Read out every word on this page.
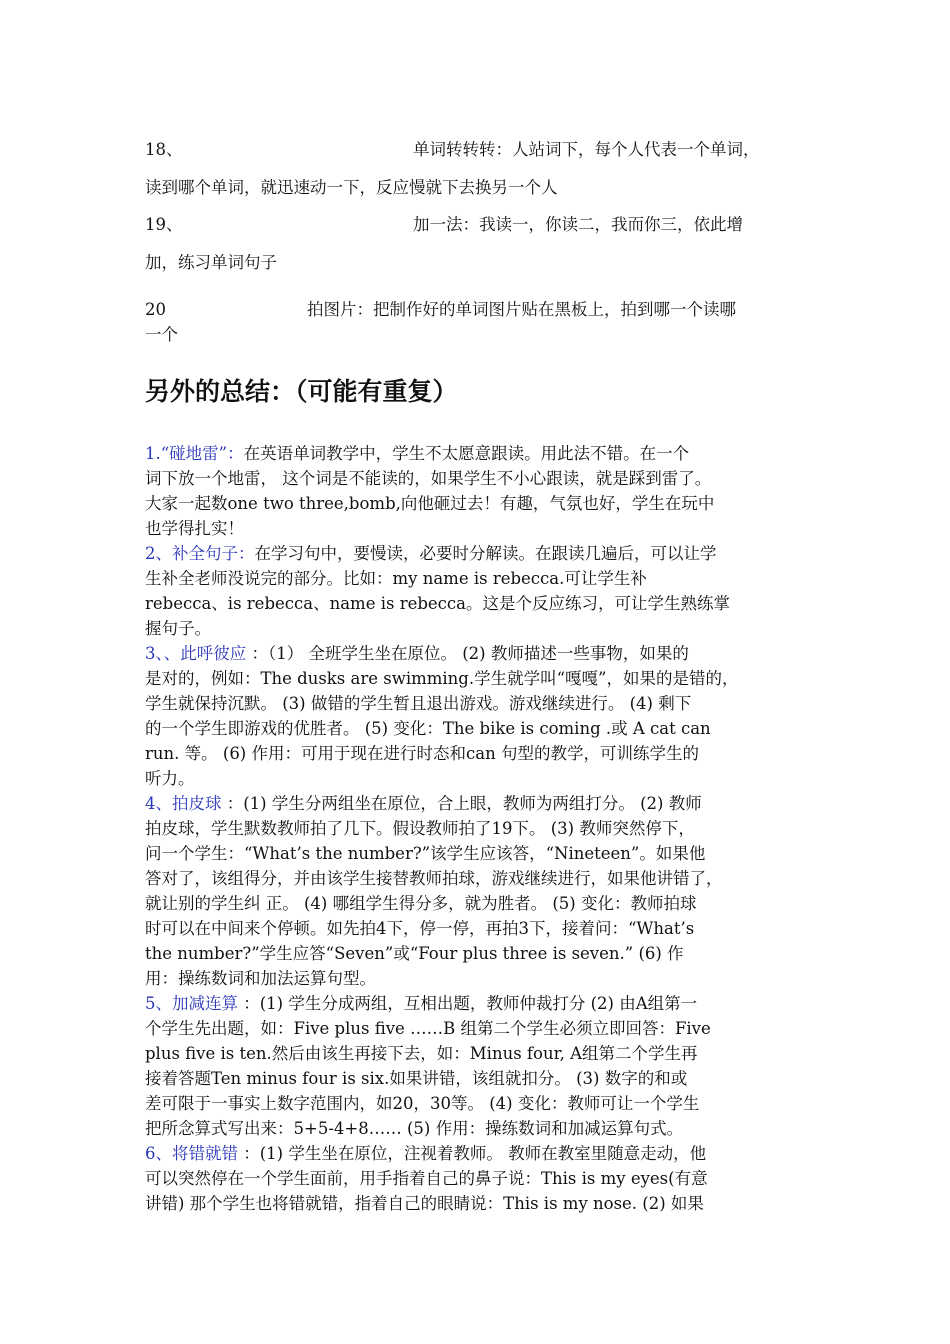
18、	单词转转转：人站词下，每个人代表一个单词，
读到哪个单词，就迅速动一下，反应慢就下去换另一个人
19、	加一法：我读一，你读二，我而你三，依此增
加，练习单词句子
20	拍图片：把制作好的单词图片贴在黑板上，拍到哪一个读哪
一个
另外的总结：（可能有重复）
1.“碰地雷”：在英语单词教学中，学生不太愿意跟读。用此法不错。在一个
词下放一个地雷， 这个词是不能读的，如果学生不小心跟读，就是踩到雷了。
大家一起数one two three,bomb,向他砸过去！有趣，气氛也好，学生在玩中
也学得扎实！
2、补全句子：在学习句中，要慢读，必要时分解读。在跟读几遍后，可以让学
生补全老师没说完的部分。比如：my name is rebecca.可让学生补
rebecca、is rebecca、name is rebecca。这是个反应练习，可让学生熟练掌
握句子。
3、、此呼彼应 ：（1） 全班学生坐在原位。 (2) 教师描述一些事物，如果的
是对的，例如：The dusks are swimming.学生就学叫“嘎嘎”，如果的是错的，
学生就保持沉默。 (3) 做错的学生暂且退出游戏。游戏继续进行。 (4) 剩下
的一个学生即游戏的优胜者。 (5) 变化：The bike is coming .或 A cat can
run. 等。 (6) 作用：可用于现在进行时态和can 句型的教学，可训练学生的
听力。
4、拍皮球 ：(1) 学生分两组坐在原位，合上眼，教师为两组打分。 (2) 教师
拍皮球，学生默数教师拍了几下。假设教师拍了19下。 (3) 教师突然停下，
问一个学生：“What’s the number?”该学生应该答，“Nineteen”。如果他
答对了，该组得分，并由该学生接替教师拍球，游戏继续进行，如果他讲错了，
就让别的学生纠 正。 (4) 哪组学生得分多，就为胜者。 (5) 变化：教师拍球
时可以在中间来个停顿。如先拍4下，停一停，再拍3下，接着问：“What’s
the number?”学生应答“Seven”或“Four plus three is seven.” (6) 作
用：操练数词和加法运算句型。
5、加减连算 ：(1) 学生分成两组，互相出题，教师仲裁打分 (2) 由A组第一
个学生先出题，如：Five plus five ……B 组第二个学生必须立即回答：Five
plus five is ten.然后由该生再接下去，如：Minus four, A组第二个学生再
接着答题Ten minus four is six.如果讲错，该组就扣分。 (3) 数字的和或
差可限于一事实上数字范围内，如20，30等。 (4) 变化：教师可让一个学生
把所念算式写出来：5+5-4+8…… (5) 作用：操练数词和加减运算句式。
6、将错就错 ：(1) 学生坐在原位，注视着教师。 教师在教室里随意走动，他
可以突然停在一个学生面前，用手指着自己的鼻子说：This is my eyes(有意
讲错) 那个学生也将错就错，指着自己的眼睛说：This is my nose. (2) 如果
